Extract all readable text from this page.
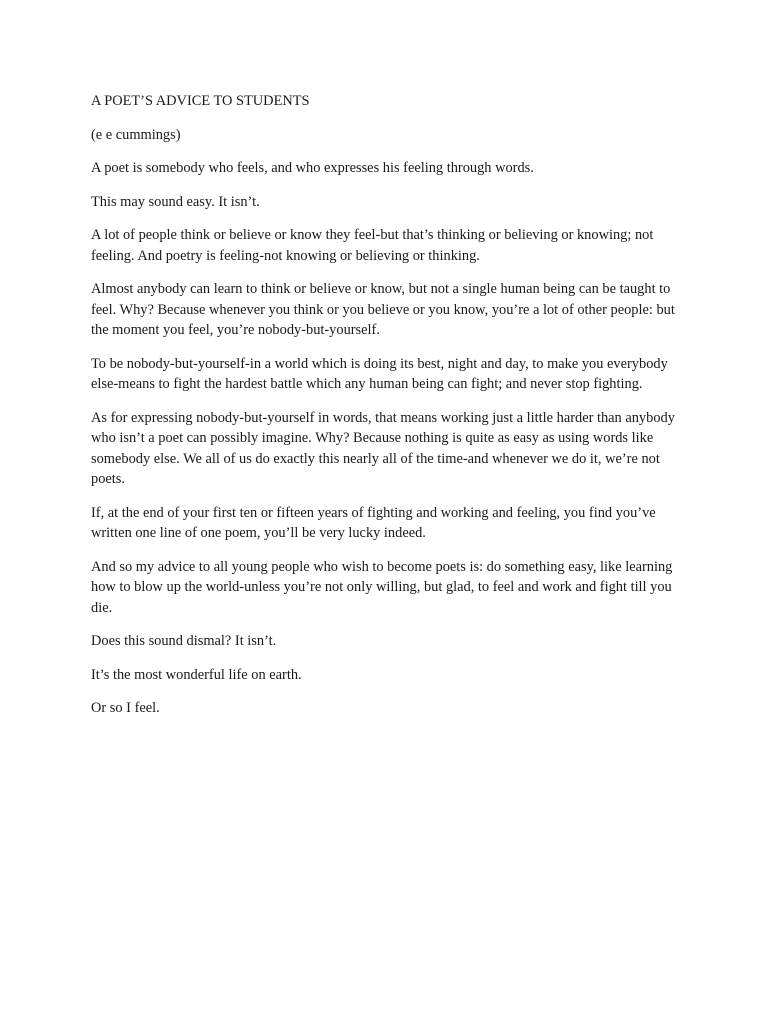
A POET’S ADVICE TO STUDENTS

(e e cummings)

A poet is somebody who feels, and who expresses his feeling through words.

This may sound easy. It isn’t.

A lot of people think or believe or know they feel-but that’s thinking or believing or knowing; not feeling. And poetry is feeling-not knowing or believing or thinking.

Almost anybody can learn to think or believe or know, but not a single human being can be taught to feel. Why? Because whenever you think or you believe or you know, you’re a lot of other people: but the moment you feel, you’re nobody-but-yourself.

To be nobody-but-yourself-in a world which is doing its best, night and day, to make you everybody else-means to fight the hardest battle which any human being can fight; and never stop fighting.

As for expressing nobody-but-yourself in words, that means working just a little harder than anybody who isn’t a poet can possibly imagine. Why? Because nothing is quite as easy as using words like somebody else. We all of us do exactly this nearly all of the time-and whenever we do it, we’re not poets.

If, at the end of your first ten or fifteen years of fighting and working and feeling, you find you’ve written one line of one poem, you’ll be very lucky indeed.

And so my advice to all young people who wish to become poets is: do something easy, like learning how to blow up the world-unless you’re not only willing, but glad, to feel and work and fight till you die.

Does this sound dismal? It isn’t.

It’s the most wonderful life on earth.

Or so I feel.
